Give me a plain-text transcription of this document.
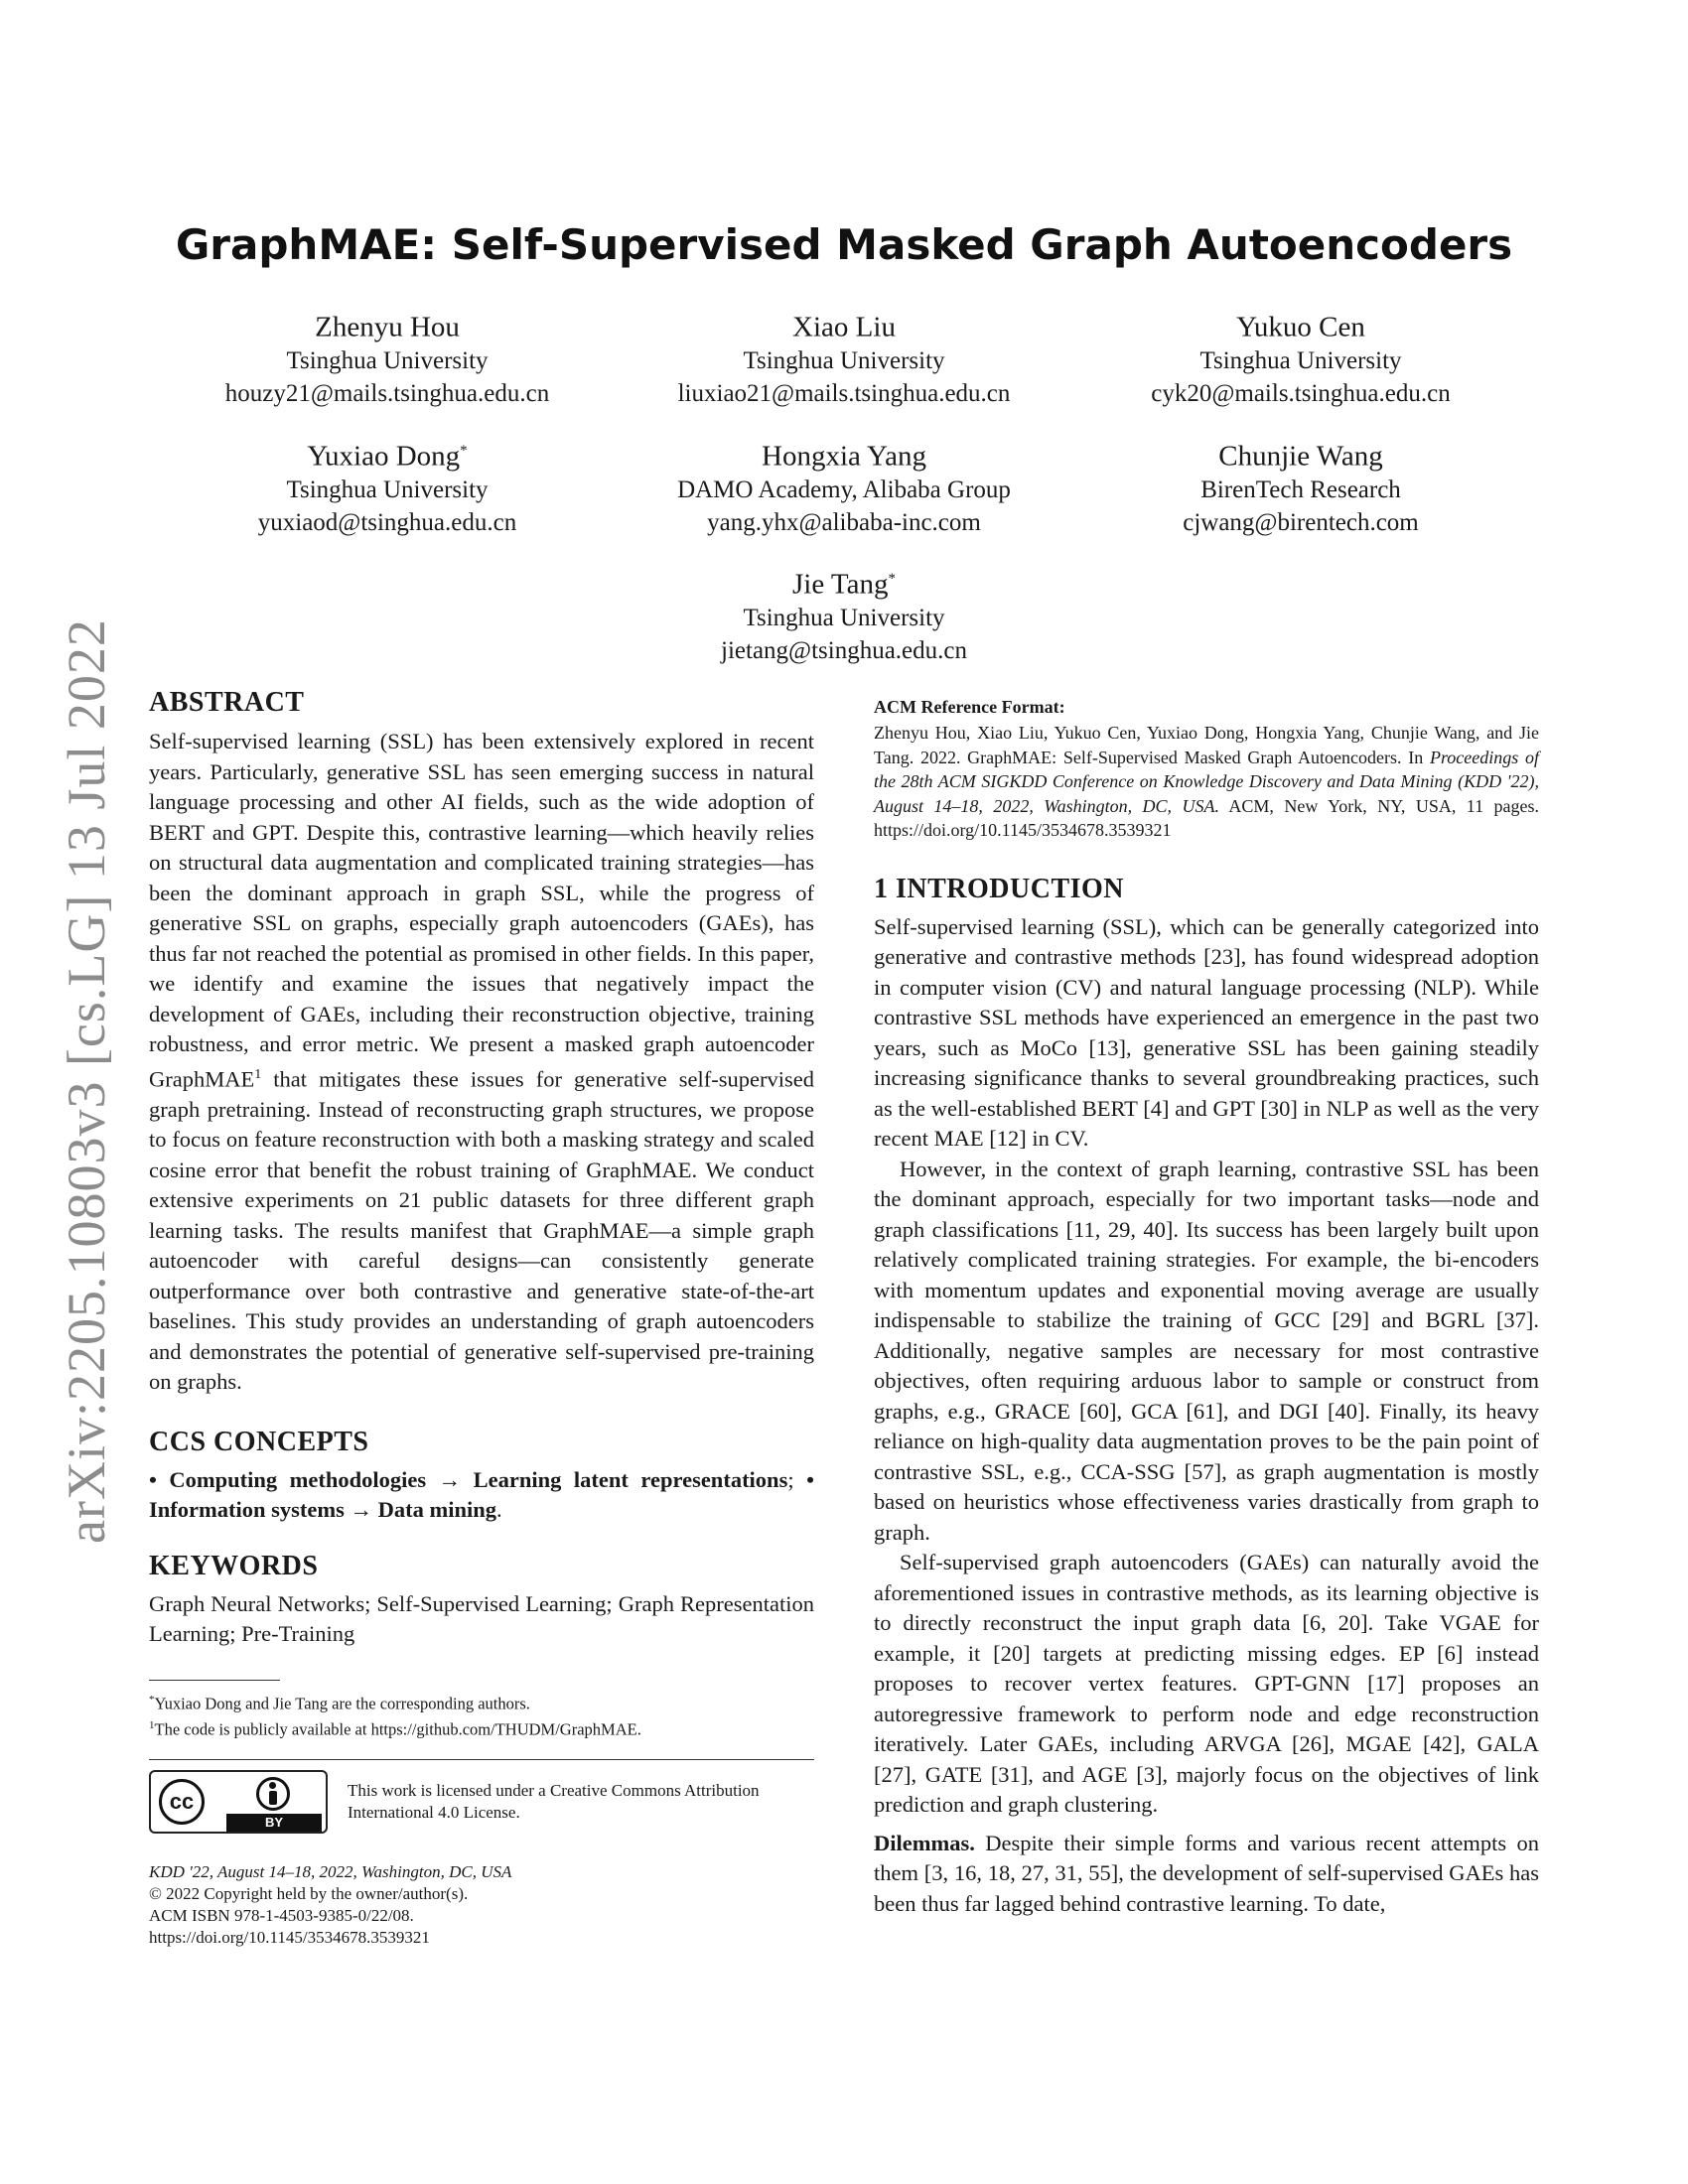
arXiv:2205.10803v3 [cs.LG] 13 Jul 2022
GraphMAE: Self-Supervised Masked Graph Autoencoders
Zhenyu Hou
Tsinghua University
houzy21@mails.tsinghua.edu.cn
Xiao Liu
Tsinghua University
liuxiao21@mails.tsinghua.edu.cn
Yukuo Cen
Tsinghua University
cyk20@mails.tsinghua.edu.cn
Yuxiao Dong*
Tsinghua University
yuxiaod@tsinghua.edu.cn
Hongxia Yang
DAMO Academy, Alibaba Group
yang.yhx@alibaba-inc.com
Chunjie Wang
BirenTech Research
cjwang@birentech.com
Jie Tang*
Tsinghua University
jietang@tsinghua.edu.cn
ABSTRACT

Self-supervised learning (SSL) has been extensively explored in recent years. Particularly, generative SSL has seen emerging success in natural language processing and other AI fields, such as the wide adoption of BERT and GPT. Despite this, contrastive learning—which heavily relies on structural data augmentation and complicated training strategies—has been the dominant approach in graph SSL, while the progress of generative SSL on graphs, especially graph autoencoders (GAEs), has thus far not reached the potential as promised in other fields. In this paper, we identify and examine the issues that negatively impact the development of GAEs, including their reconstruction objective, training robustness, and error metric. We present a masked graph autoencoder GraphMAE$^1$ that mitigates these issues for generative self-supervised graph pretraining. Instead of reconstructing graph structures, we propose to focus on feature reconstruction with both a masking strategy and scaled cosine error that benefit the robust training of GraphMAE. We conduct extensive experiments on 21 public datasets for three different graph learning tasks. The results manifest that GraphMAE—a simple graph autoencoder with careful designs—can consistently generate outperformance over both contrastive and generative state-of-the-art baselines. This study provides an understanding of graph autoencoders and demonstrates the potential of generative self-supervised pre-training on graphs.

CCS CONCEPTS

• Computing methodologies → Learning latent representations; • Information systems → Data mining.

KEYWORDS

Graph Neural Networks; Self-Supervised Learning; Graph Representation Learning; Pre-Training

*Yuxiao Dong and Jie Tang are the corresponding authors.
$^1$The code is publicly available at https://github.com/THUDM/GraphMAE.
cc
BY
This work is licensed under a Creative Commons Attribution International 4.0 License.
KDD '22, August 14–18, 2022, Washington, DC, USA
© 2022 Copyright held by the owner/author(s).
ACM ISBN 978-1-4503-9385-0/22/08.
https://doi.org/10.1145/3534678.3539321
ACM Reference Format:
Zhenyu Hou, Xiao Liu, Yukuo Cen, Yuxiao Dong, Hongxia Yang, Chunjie Wang, and Jie Tang. 2022. GraphMAE: Self-Supervised Masked Graph Autoencoders. In Proceedings of the 28th ACM SIGKDD Conference on Knowledge Discovery and Data Mining (KDD '22), August 14–18, 2022, Washington, DC, USA. ACM, New York, NY, USA, 11 pages. https://doi.org/10.1145/3534678.3539321
1 INTRODUCTION

Self-supervised learning (SSL), which can be generally categorized into generative and contrastive methods [23], has found widespread adoption in computer vision (CV) and natural language processing (NLP). While contrastive SSL methods have experienced an emergence in the past two years, such as MoCo [13], generative SSL has been gaining steadily increasing significance thanks to several groundbreaking practices, such as the well-established BERT [4] and GPT [30] in NLP as well as the very recent MAE [12] in CV.

However, in the context of graph learning, contrastive SSL has been the dominant approach, especially for two important tasks—node and graph classifications [11, 29, 40]. Its success has been largely built upon relatively complicated training strategies. For example, the bi-encoders with momentum updates and exponential moving average are usually indispensable to stabilize the training of GCC [29] and BGRL [37]. Additionally, negative samples are necessary for most contrastive objectives, often requiring arduous labor to sample or construct from graphs, e.g., GRACE [60], GCA [61], and DGI [40]. Finally, its heavy reliance on high-quality data augmentation proves to be the pain point of contrastive SSL, e.g., CCA-SSG [57], as graph augmentation is mostly based on heuristics whose effectiveness varies drastically from graph to graph.

Self-supervised graph autoencoders (GAEs) can naturally avoid the aforementioned issues in contrastive methods, as its learning objective is to directly reconstruct the input graph data [6, 20]. Take VGAE for example, it [20] targets at predicting missing edges. EP [6] instead proposes to recover vertex features. GPT-GNN [17] proposes an autoregressive framework to perform node and edge reconstruction iteratively. Later GAEs, including ARVGA [26], MGAE [42], GALA [27], GATE [31], and AGE [3], majorly focus on the objectives of link prediction and graph clustering.

Dilemmas. Despite their simple forms and various recent attempts on them [3, 16, 18, 27, 31, 55], the development of self-supervised GAEs has been thus far lagged behind contrastive learning. To date,
